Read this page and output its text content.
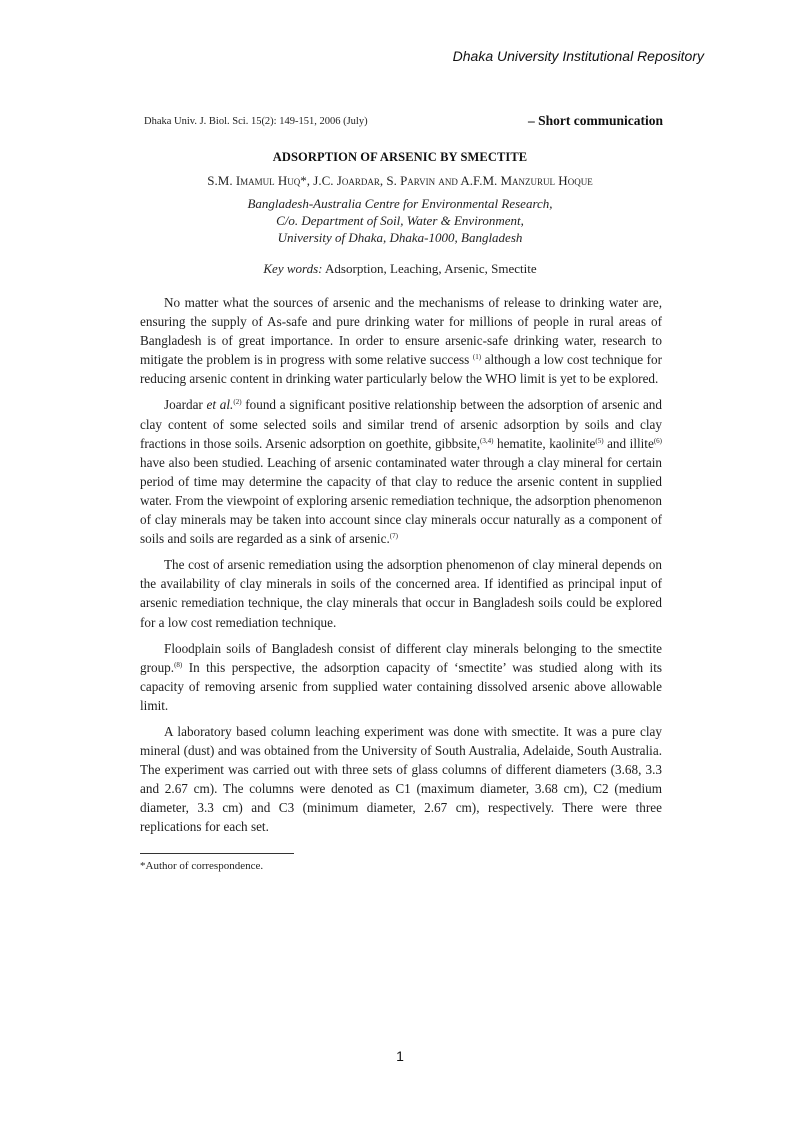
Dhaka University Institutional Repository
Dhaka Univ. J. Biol. Sci. 15(2): 149-151, 2006 (July)	– Short communication
ADSORPTION OF ARSENIC BY SMECTITE
S.M. Imamul Huq*, J.C. Joardar, S. Parvin and A.F.M. Manzurul Hoque
Bangladesh-Australia Centre for Environmental Research,
C/o. Department of Soil, Water & Environment,
University of Dhaka, Dhaka-1000, Bangladesh
Key words: Adsorption, Leaching, Arsenic, Smectite

No matter what the sources of arsenic and the mechanisms of release to drinking water are, ensuring the supply of As-safe and pure drinking water for millions of people in rural areas of Bangladesh is of great importance. In order to ensure arsenic-safe drinking water, research to mitigate the problem is in progress with some relative success $^{(1)}$ although a low cost technique for reducing arsenic content in drinking water particularly below the WHO limit is yet to be explored.

Joardar et al.$^{(2)}$ found a significant positive relationship between the adsorption of arsenic and clay content of some selected soils and similar trend of arsenic adsorption by soils and clay fractions in those soils. Arsenic adsorption on goethite, gibbsite,$^{(3,4)}$ hematite, kaolinite$^{(5)}$ and illite$^{(6)}$ have also been studied. Leaching of arsenic contaminated water through a clay mineral for certain period of time may determine the capacity of that clay to reduce the arsenic content in supplied water. From the viewpoint of exploring arsenic remediation technique, the adsorption phenomenon of clay minerals may be taken into account since clay minerals occur naturally as a component of soils and soils are regarded as a sink of arsenic.$^{(7)}$

The cost of arsenic remediation using the adsorption phenomenon of clay mineral depends on the availability of clay minerals in soils of the concerned area. If identified as principal input of arsenic remediation technique, the clay minerals that occur in Bangladesh soils could be explored for a low cost remediation technique.

Floodplain soils of Bangladesh consist of different clay minerals belonging to the smectite group.$^{(8)}$ In this perspective, the adsorption capacity of ‘smectite’ was studied along with its capacity of removing arsenic from supplied water containing dissolved arsenic above allowable limit.

A laboratory based column leaching experiment was done with smectite. It was a pure clay mineral (dust) and was obtained from the University of South Australia, Adelaide, South Australia. The experiment was carried out with three sets of glass columns of different diameters (3.68, 3.3 and 2.67 cm). The columns were denoted as C1 (maximum diameter, 3.68 cm), C2 (medium diameter, 3.3 cm) and C3 (minimum diameter, 2.67 cm), respectively. There were three replications for each set.

*Author of correspondence.
1
